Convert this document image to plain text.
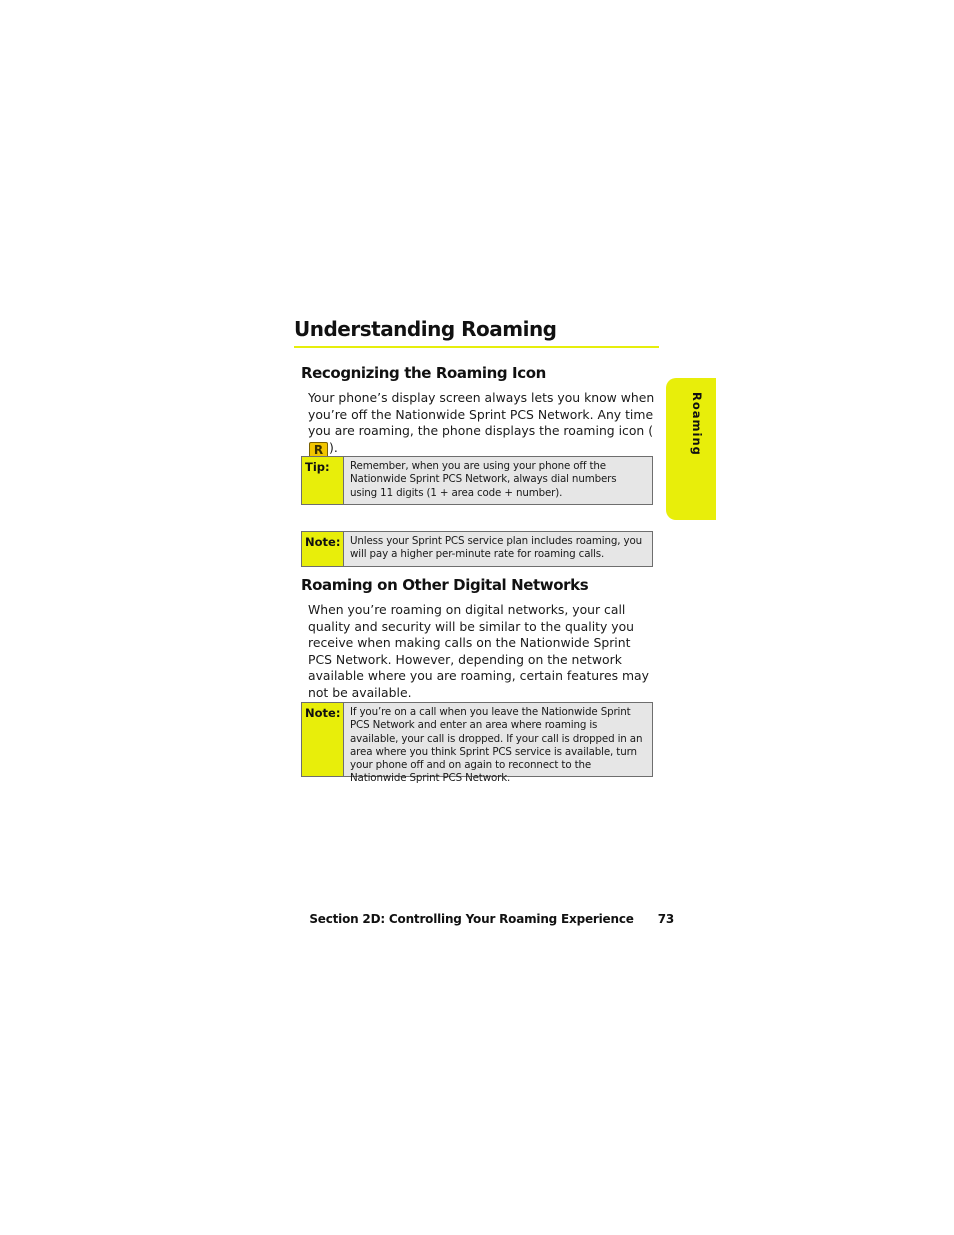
Understanding Roaming
Recognizing the Roaming Icon

Your phone’s display screen always lets you know when you’re off the Nationwide Sprint PCS Network. Any time you are roaming, the phone displays the roaming icon (R ).

Tip:	Remember, when you are using your phone off the Nationwide Sprint PCS Network, always dial numbers using 11 digits (1 + area code + number).
Note: Unless your Sprint PCS service plan includes roaming, you will pay a higher per-minute rate for roaming calls.
Roaming on Other Digital Networks

When you’re roaming on digital networks, your call quality and security will be similar to the quality you receive when making calls on the Nationwide Sprint PCS Network. However, depending on the network available where you are roaming, certain features may not be available.

Note: If you’re on a call when you leave the Nationwide Sprint PCS Network and enter an area where roaming is available, your call is dropped. If your call is dropped in an area where you think Sprint PCS service is available, turn your phone off and on again to reconnect to the Nationwide Sprint PCS Network.
Roaming
Section 2D: Controlling Your Roaming Experience 73
